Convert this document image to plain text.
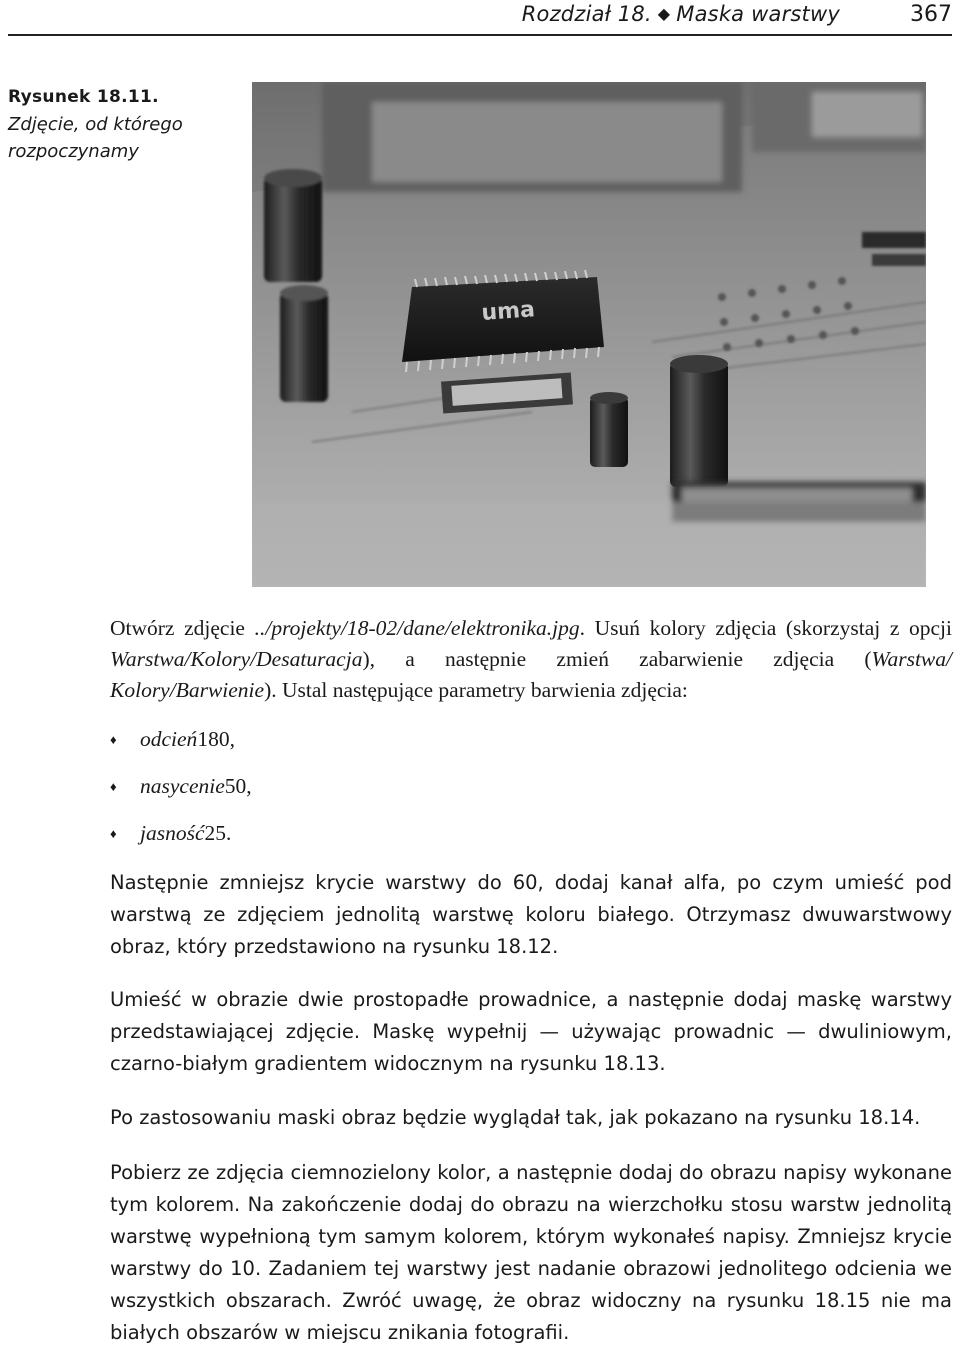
Rozdział 18. ◆ Maska warstwy	367
Rysunek 18.11.
Zdjęcie, od którego rozpoczynamy
uma
Otwórz zdjęcie ../projekty/18-02/dane/elektronika.jpg. Usuń kolory zdjęcia (skorzystaj z opcji Warstwa/Kolory/Desaturacja), a następnie zmień zabarwienie zdjęcia (Warstwa/ Kolory/Barwienie). Ustal następujące parametry barwienia zdjęcia:
♦	odcień 180,
♦	nasycenie 50,
♦	jasność 25.
Następnie zmniejsz krycie warstwy do 60, dodaj kanał alfa, po czym umieść pod warstwą ze zdjęciem jednolitą warstwę koloru białego. Otrzymasz dwuwarstwowy obraz, który przedstawiono na rysunku 18.12.
Umieść w obrazie dwie prostopadłe prowadnice, a następnie dodaj maskę warstwy przedstawiającej zdjęcie. Maskę wypełnij — używając prowadnic — dwuliniowym, czarno-białym gradientem widocznym na rysunku 18.13.
Po zastosowaniu maski obraz będzie wyglądał tak, jak pokazano na rysunku 18.14.
Pobierz ze zdjęcia ciemnozielony kolor, a następnie dodaj do obrazu napisy wykonane tym kolorem. Na zakończenie dodaj do obrazu na wierzchołku stosu warstw jednolitą warstwę wypełnioną tym samym kolorem, którym wykonałeś napisy. Zmniejsz krycie warstwy do 10. Zadaniem tej warstwy jest nadanie obrazowi jednolitego odcienia we wszystkich obszarach. Zwróć uwagę, że obraz widoczny na rysunku 18.15 nie ma białych obszarów w miejscu znikania fotografii.
